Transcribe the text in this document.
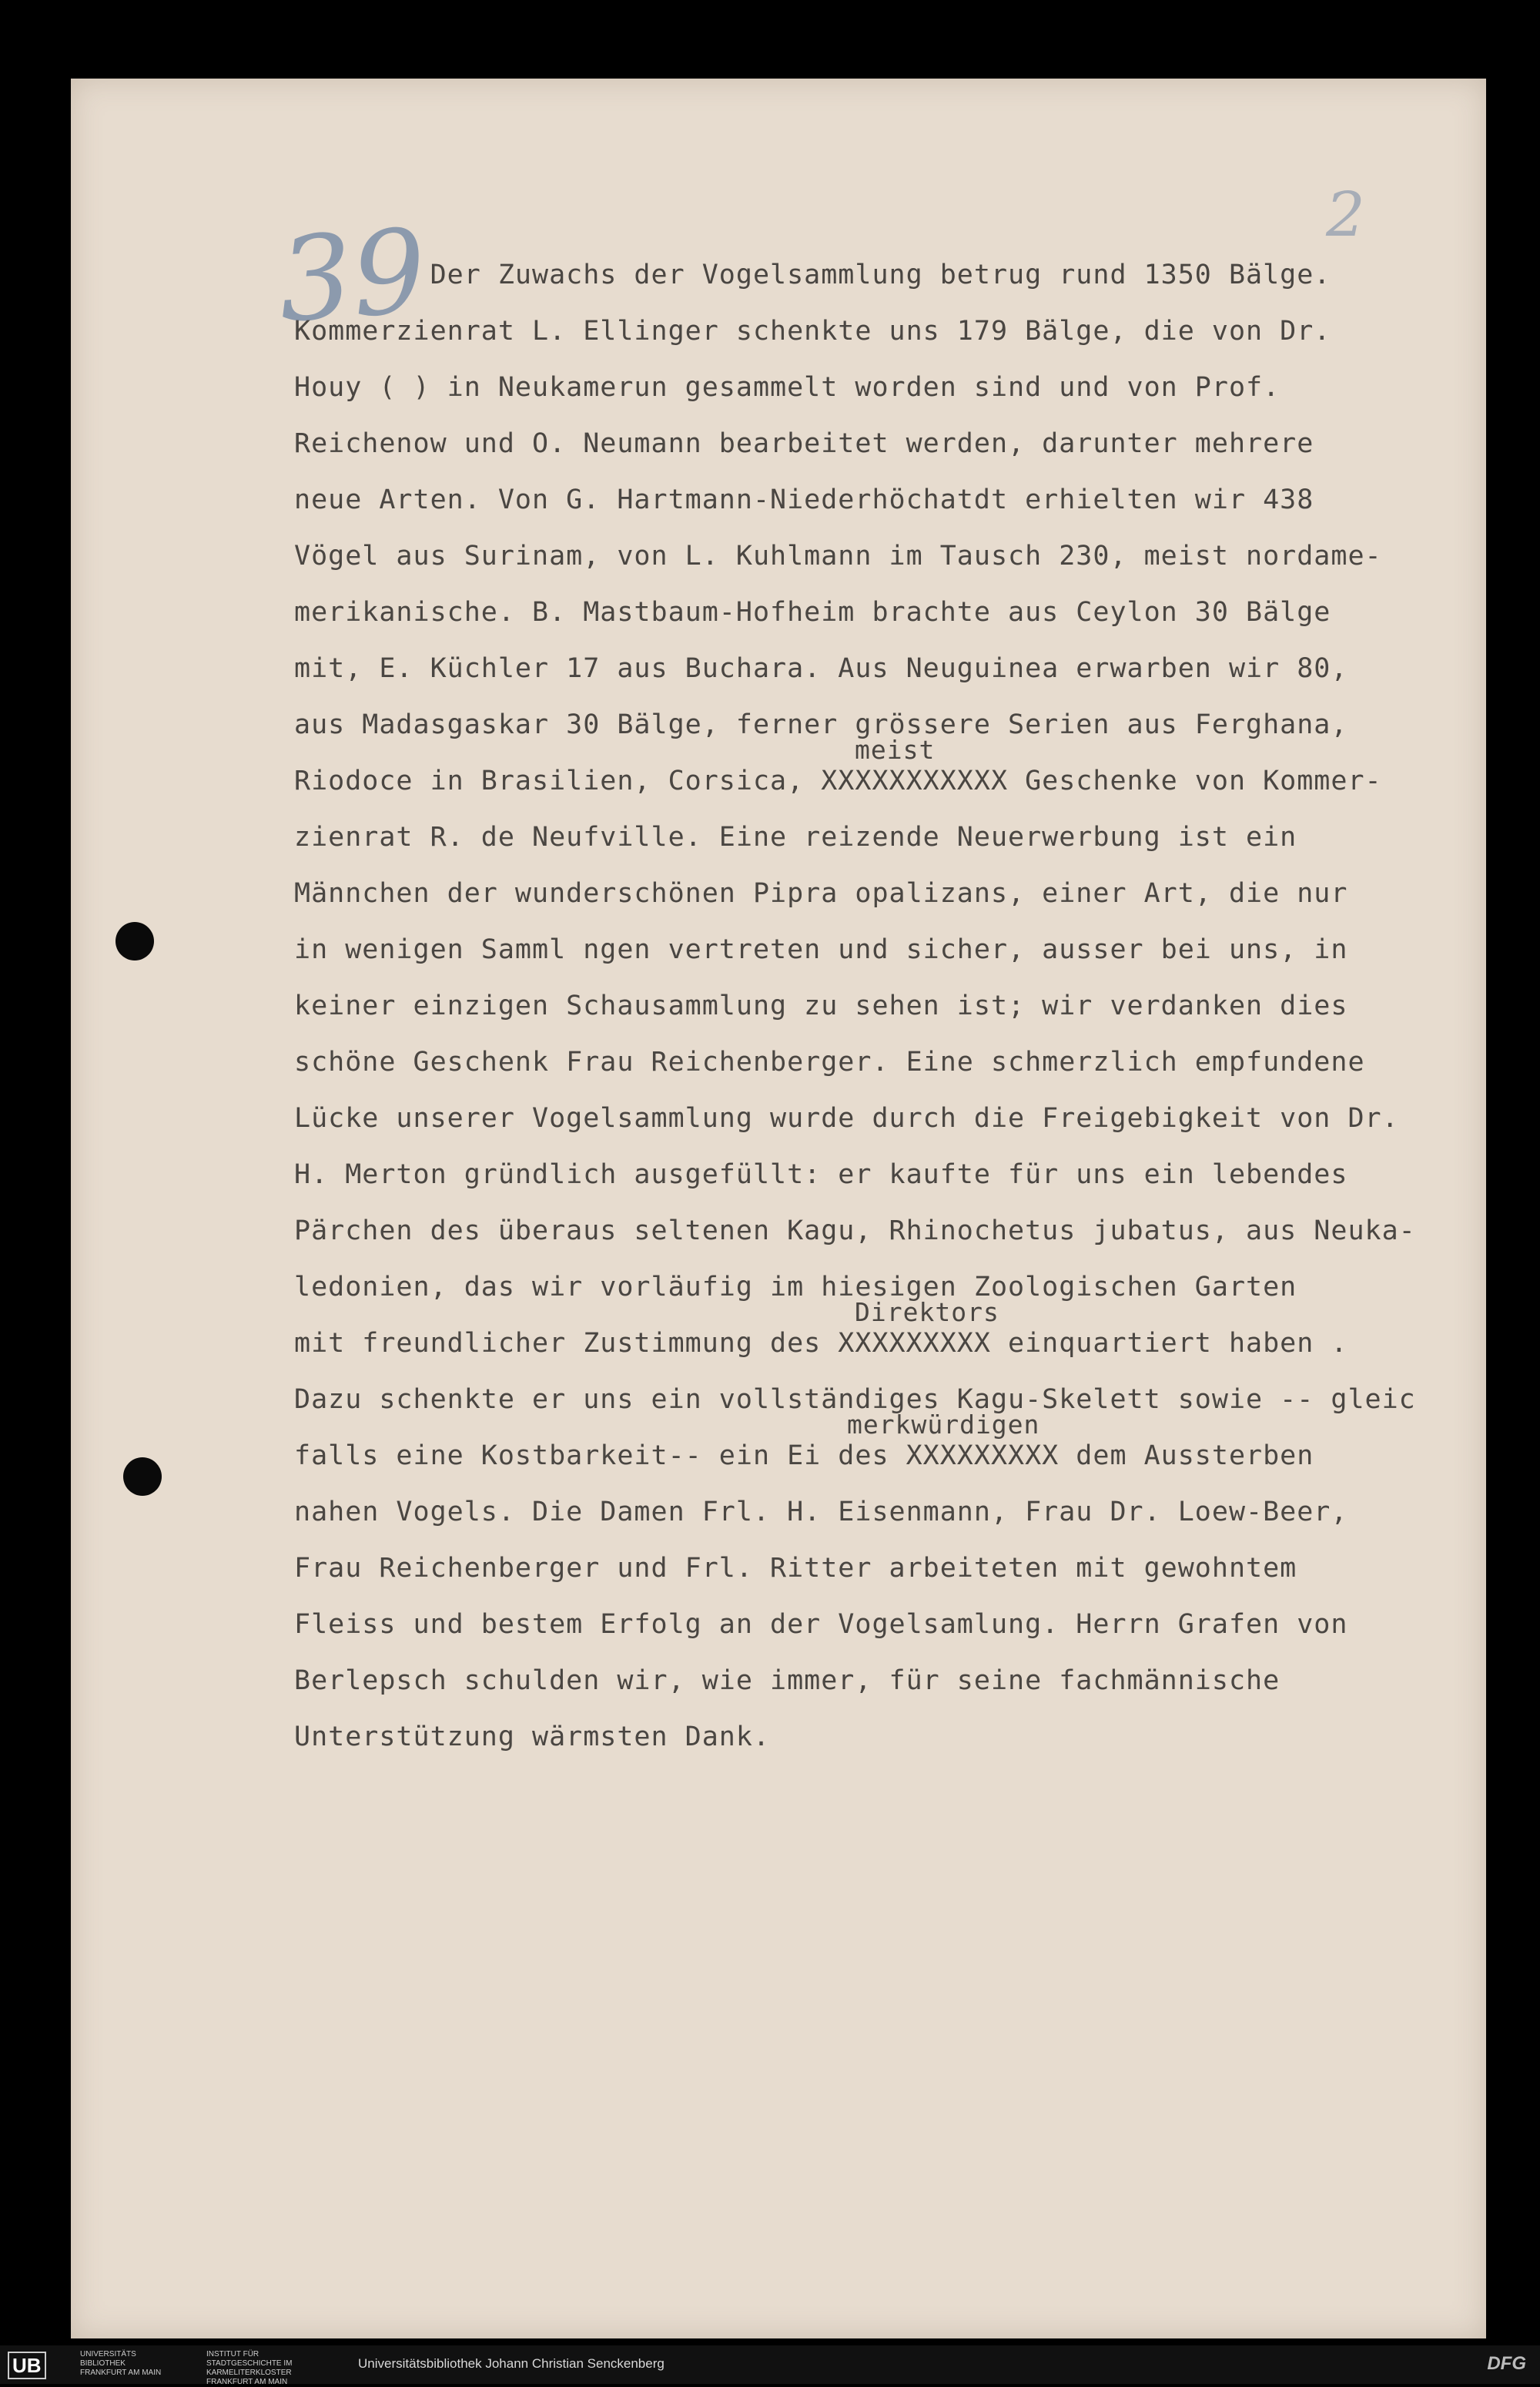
39	2
Der Zuwachs der Vogelsammlung betrug rund 1350 Bälge.
Kommerzienrat L. Ellinger schenkte uns 179 Bälge, die von Dr.
Houy ( ) in Neukamerun gesammelt worden sind und von Prof.
Reichenow und O. Neumann bearbeitet werden, darunter mehrere
neue Arten. Von G. Hartmann-Niederhöchatdt erhielten wir 438
Vögel aus Surinam, von L. Kuhlmann im Tausch 230, meist nordame-
merikanische. B. Mastbaum-Hofheim brachte aus Ceylon 30 Bälge
mit, E. Küchler 17 aus Buchara. Aus Neuguinea erwarben wir 80,
aus Madasgaskar 30 Bälge, ferner grössere Serien aus Ferghana,
meist
Riodoce in Brasilien, Corsica, XXXXXXXXXXX Geschenke von Kommer-
zienrat R. de Neufville. Eine reizende Neuerwerbung ist ein
Männchen der wunderschönen Pipra opalizans, einer Art, die nur
in wenigen Samml ngen vertreten und sicher, ausser bei uns, in
keiner einzigen Schausammlung zu sehen ist; wir verdanken dies
schöne Geschenk Frau Reichenberger. Eine schmerzlich empfundene
Lücke unserer Vogelsammlung wurde durch die Freigebigkeit von Dr.
H. Merton gründlich ausgefüllt: er kaufte für uns ein lebendes
Pärchen des überaus seltenen Kagu, Rhinochetus jubatus, aus Neuka-
ledonien, das wir vorläufig im hiesigen Zoologischen Garten
Direktors
mit freundlicher Zustimmung des XXXXXXXXX einquartiert haben .
Dazu schenkte er uns ein vollständiges Kagu-Skelett sowie -- gleic
merkwürdigen
falls eine Kostbarkeit-- ein Ei des XXXXXXXXX dem Aussterben
nahen Vogels. Die Damen Frl. H. Eisenmann, Frau Dr. Loew-Beer,
Frau Reichenberger und Frl. Ritter arbeiteten mit gewohntem
Fleiss und bestem Erfolg an der Vogelsamlung. Herrn Grafen von
Berlepsch schulden wir, wie immer, für seine fachmännische
Unterstützung wärmsten Dank.
UB	UNIVERSITÄTS BIBLIOTHEK FRANKFURT AM MAIN
INSTITUT FÜR STADTGESCHICHTE IM KARMELITERKLOSTER FRANKFURT AM MAIN
Universitätsbibliothek Johann Christian Senckenberg	DFG
